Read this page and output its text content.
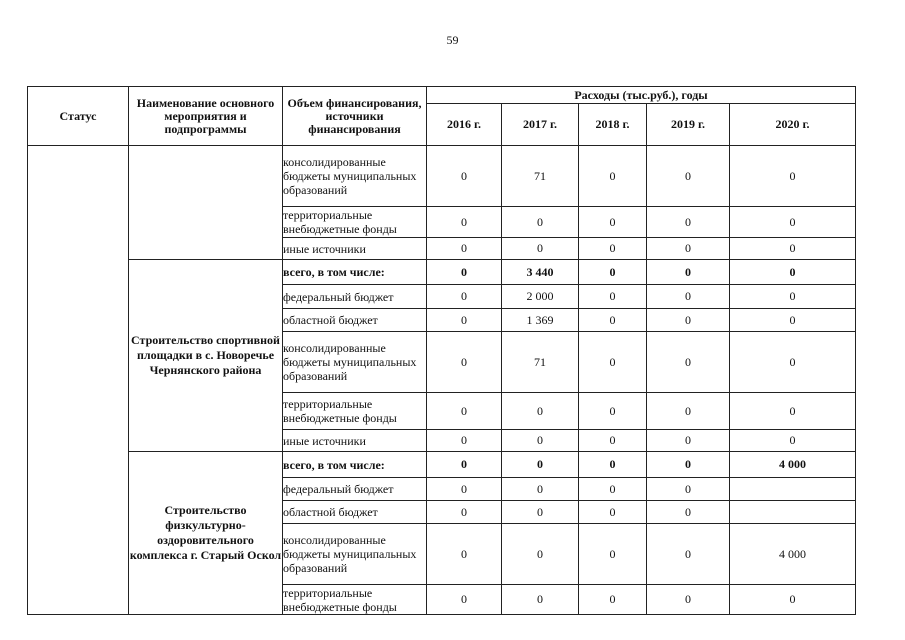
59
Статус	Наименование основного мероприятия и подпрограммы	Объем финансирования, источники финансирования	Расходы (тыс.руб.), годы				
			2016 г.	2017 г.	2018 г.	2019 г.	2020 г.
		консолидированные бюджеты муниципальных образований	0	71	0	0	0
		территориальные внебюджетные фонды	0	0	0	0	0
		иные источники	0	0	0	0	0
	Строительство спортивной площадки в с. Новоречье Чернянского района	всего, в том числе:	0	3 440	0	0	0
		федеральный бюджет	0	2 000	0	0	0
		областной бюджет	0	1 369	0	0	0
		консолидированные бюджеты муниципальных образований	0	71	0	0	0
		территориальные внебюджетные фонды	0	0	0	0	0
		иные источники	0	0	0	0	0
	Строительство физкультурно-оздоровительного комплекса г. Старый Оскол	всего, в том числе:	0	0	0	0	4 000
		федеральный бюджет	0	0	0	0	
		областной бюджет	0	0	0	0	
		консолидированные бюджеты муниципальных образований	0	0	0	0	4 000
		территориальные внебюджетные фонды	0	0	0	0	0
